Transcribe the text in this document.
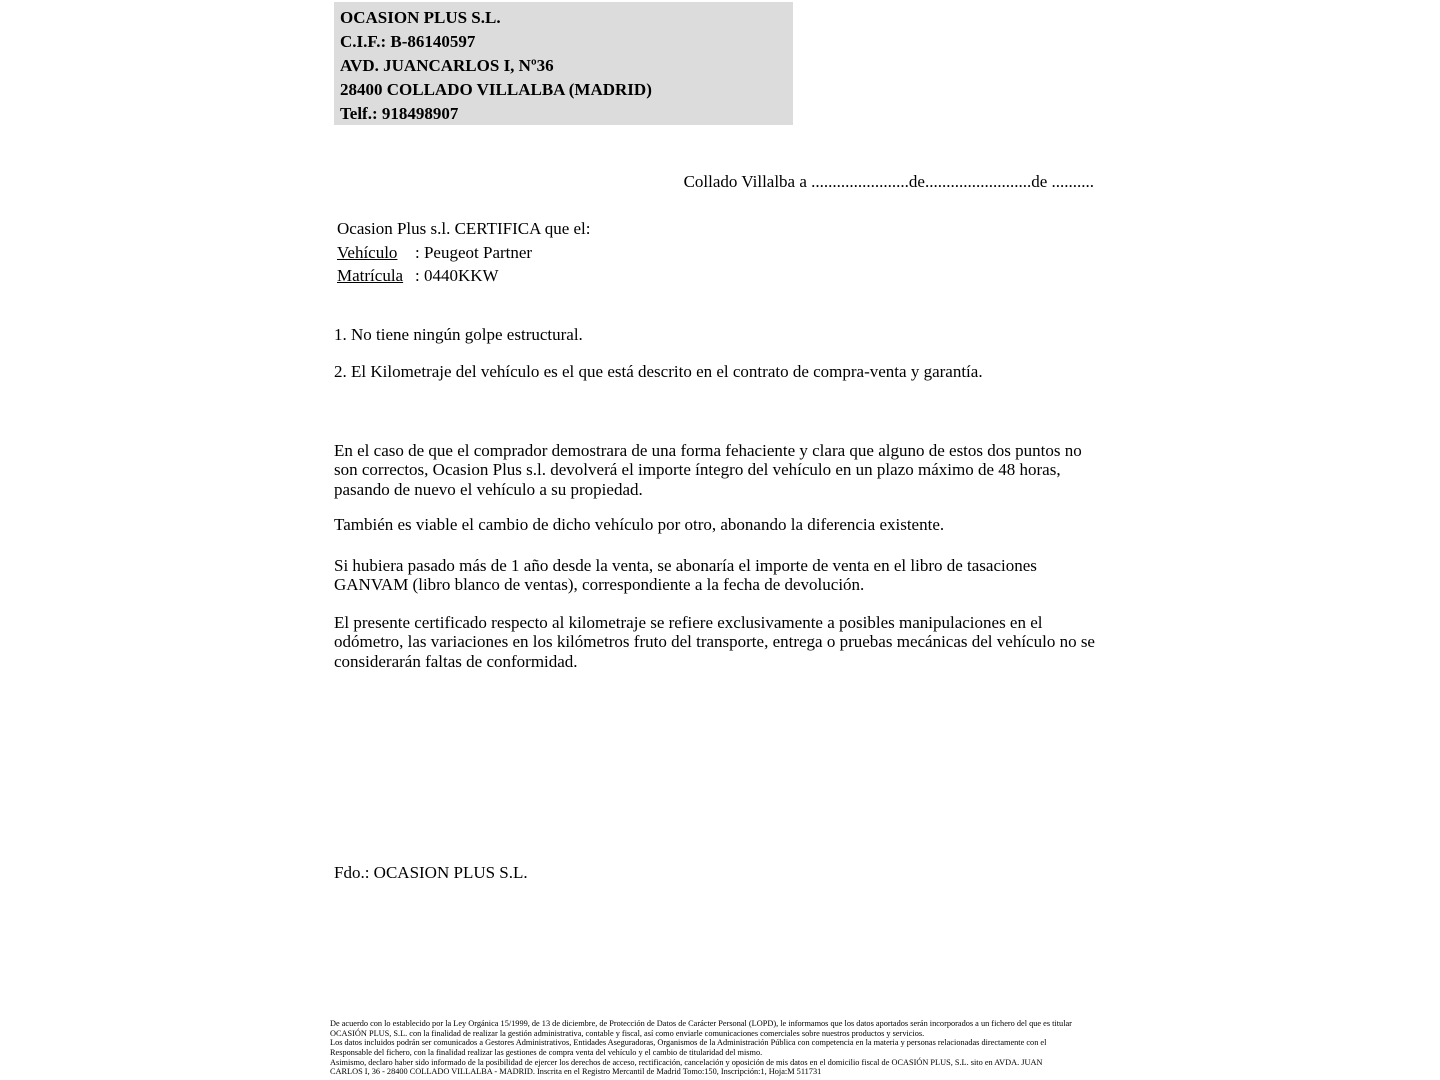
OCASION PLUS S.L.
C.I.F.: B-86140597
AVD. JUANCARLOS I, Nº36
28400 COLLADO VILLALBA (MADRID)
Telf.: 918498907
Collado Villalba a .......................de.........................de ..........
Ocasion Plus s.l. CERTIFICA que el:
Vehículo : Peugeot Partner
Matrícula : 0440KKW
1. No tiene ningún golpe estructural.
2. El Kilometraje del vehículo es el que está descrito en el contrato de compra-venta y garantía.
En el caso de que el comprador demostrara de una forma fehaciente y clara que alguno de estos dos puntos no son correctos, Ocasion Plus s.l. devolverá el importe íntegro del vehículo en un plazo máximo de 48 horas, pasando de nuevo el vehículo a su propiedad.
También es viable el cambio de dicho vehículo por otro, abonando la diferencia existente.
Si hubiera pasado más de 1 año desde la venta, se abonaría el importe de venta en el libro de tasaciones GANVAM (libro blanco de ventas), correspondiente a la fecha de devolución.
El presente certificado respecto al kilometraje se refiere exclusivamente a posibles manipulaciones en el odómetro, las variaciones en los kilómetros fruto del transporte, entrega o pruebas mecánicas del vehículo no se considerarán faltas de conformidad.
Fdo.: OCASION PLUS S.L.
De acuerdo con lo establecido por la Ley Orgánica 15/1999, de 13 de diciembre, de Protección de Datos de Carácter Personal (LOPD), le informamos que los datos aportados serán incorporados a un fichero del que es titular
OCASIÓN PLUS, S.L. con la finalidad de realizar la gestión administrativa, contable y fiscal, así como enviarle comunicaciones comerciales sobre nuestros productos y servicios.
Los datos incluidos podrán ser comunicados a Gestores Administrativos, Entidades Aseguradoras, Organismos de la Administración Pública con competencia en la materia y personas relacionadas directamente con el
Responsable del fichero, con la finalidad realizar las gestiones de compra venta del vehículo y el cambio de titularidad del mismo.
Asimismo, declaro haber sido informado de la posibilidad de ejercer los derechos de acceso, rectificación, cancelación y oposición de mis datos en el domicilio fiscal de OCASIÓN PLUS, S.L. sito en AVDA. JUAN
CARLOS I, 36 - 28400 COLLADO VILLALBA - MADRID. Inscrita en el Registro Mercantil de Madrid Tomo:150, Inscripción:1, Hoja:M 511731
